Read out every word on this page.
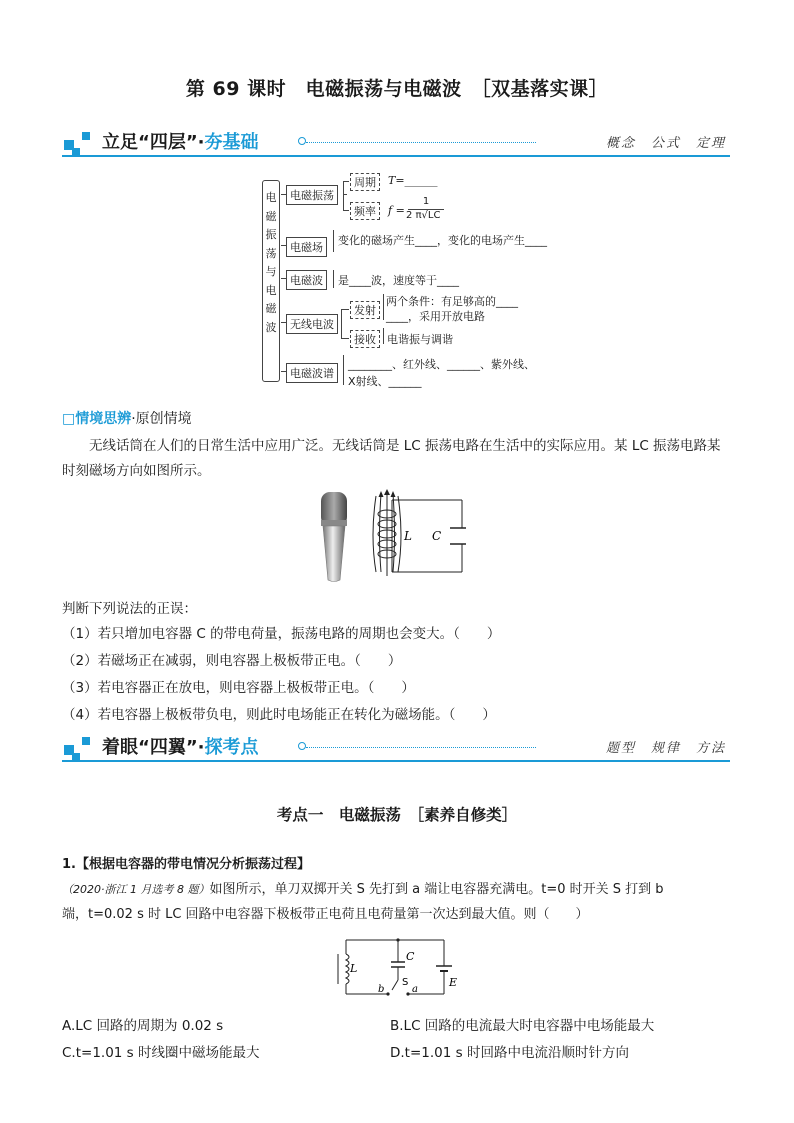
第 69 课时　电磁振荡与电磁波　［双基落实课］
立足“四层”·夯基础	概念　公式　定理
电磁振荡与电磁波
电磁振荡
周期	T=______
频率	f =
1
2 π√LC
电磁场
变化的磁场产生____，变化的电场产生____
电磁波	是____波，速度等于____
无线电波
发射
两个条件：有足够高的____
____，采用开放电路
接收	电谐振与调谐
电磁波谱
________、红外线、______、紫外线、
X射线、______
□情境思辨·原创情境
无线话筒在人们的日常生活中应用广泛。无线话筒是 LC 振荡电路在生活中的实际应用。某 LC 振荡电路某时刻磁场方向如图所示。
L C
判断下列说法的正误：
（1）若只增加电容器 C 的带电荷量，振荡电路的周期也会变大。（　　）
（2）若磁场正在减弱，则电容器上极板带正电。（　　）
（3）若电容器正在放电，则电容器上极板带正电。（　　）
（4）若电容器上极板带负电，则此时电场能正在转化为磁场能。（　　）
着眼“四翼”·探考点	题型　规律　方法
考点一　电磁振荡　［素养自修类］
1.【根据电容器的带电情况分析振荡过程】
（2020·浙江 1 月选考 8 题）如图所示，单刀双掷开关 S 先打到 a 端让电容器充满电。t=0 时开关 S 打到 b
端，t=0.02 s 时 LC 回路中电容器下极板带正电荷且电荷量第一次达到最大值。则（　　）
L
C
S
b	a
E
A.LC 回路的周期为 0.02 s	B.LC 回路的电流最大时电容器中电场能最大
C.t=1.01 s 时线圈中磁场能最大	D.t=1.01 s 时回路中电流沿顺时针方向
